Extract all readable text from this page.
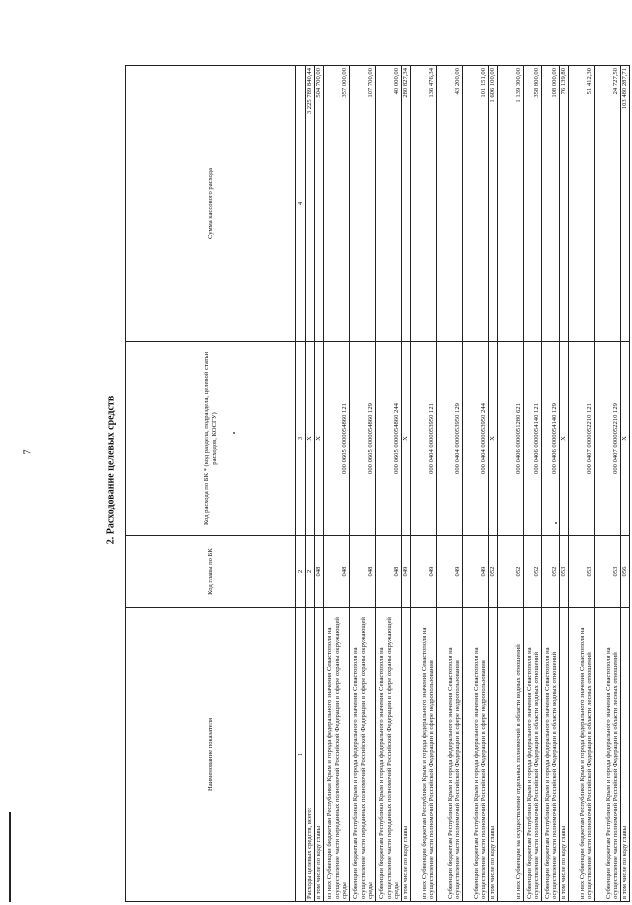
7	2. Расходование целевых средств
Наименование показателя	Код главы по БК	Код расхода по БК * (код раздела, подраздела, целевой статьи расходов, КОСГУ)	Сумма кассового расхода
1	2	3	4
Расходы целевых средств, всего:	2	X	3 225 789 840,44
в том числе по коду главы	048	X	504 700,00
из них Субвенции бюджетам Республики Крым и города федерального значения Севастополя на осуществление части переданных полномочий Российской Федерации в сфере охраны окружающей среды	048	000 0605 0000054860 121	357 000,00
Субвенции бюджетам Республики Крым и города федерального значения Севастополя на осуществление части переданных полномочий Российской Федерации в сфере охраны окружающей среды	048	000 0605 0000054860 129	107 700,00
Субвенции бюджетам Республики Крым и города федерального значения Севастополя на осуществление части переданных полномочий Российской Федерации в сфере охраны окружающей среды	048	000 0605 0000054860 244	40 000,00
в том числе по коду главы	049	X	280 827,34
из них Субвенции бюджетам Республики Крым и города федерального значения Севастополя на осуществление части полномочий Российской Федерации в сфере недропользования	049	000 0404 0000053950 121	136 476,34
Субвенции бюджетам Республики Крым и города федерального значения Севастополя на осуществление части полномочий Российской Федерации в сфере недропользования	049	000 0404 0000053950 129	43 200,00
Субвенции бюджетам Республики Крым и города федерального значения Севастополя на осуществление части полномочий Российской Федерации в сфере недропользования	049	000 0404 0000053950 244	101 151,00
в том числе по коду главы	052	X	1 606 100,00
из них Субвенции на осуществление отдельных полномочий в области водных отношений	052	000 0406 0000051280 621	1 139 300,00
Субвенции бюджетам Республики Крым и города федерального значения Севастополя на осуществление части полномочий Российской Федерации в области водных отношений	052	000 0406 0000054140 121	358 800,00
Субвенции бюджетам Республики Крым и города федерального значения Севастополя на осуществление части полномочий Российской Федерации в области водных отношений	052	000 0406 0000054140 129	108 000,00
в том числе по коду главы	053	X	76 139,80
из них Субвенции бюджетам Республики Крым и города федерального значения Севастополя на осуществление части полномочий Российской Федерации в области лесных отношений	053	000 0407 0000052210 121	51 412,30
Субвенции бюджетам Республики Крым и города федерального значения Севастополя на осуществление части полномочий Российской Федерации в области лесных отношений	053	000 0407 0000052210 129	24 727,50
в том числе по коду главы	056	X	103 480 287,71
